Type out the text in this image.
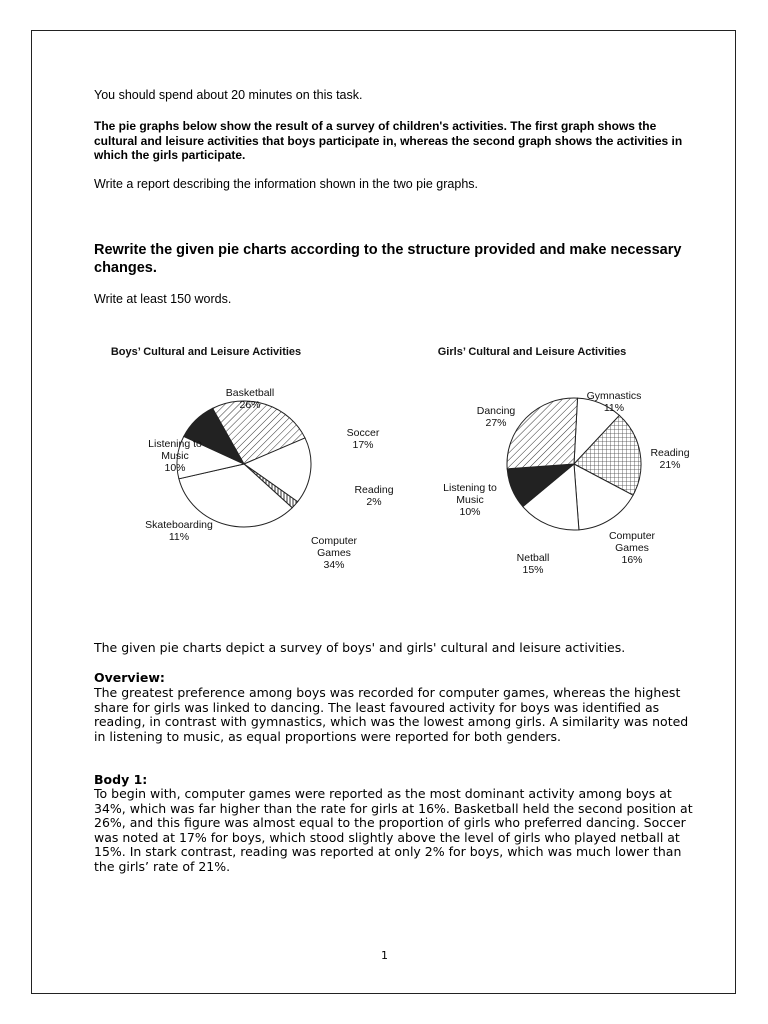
You should spend about 20 minutes on this task.
The pie graphs below show the result of a survey of children's activities. The first graph shows the cultural and leisure activities that boys participate in, whereas the second graph shows the activities in which the girls participate.
Write a report describing the information shown in the two pie graphs.
Rewrite the given pie charts according to the structure provided and make necessary changes.
Write at least 150 words.
Boys’ Cultural and Leisure Activities
Basketball 26%
Soccer 17%
Reading 2%
Computer Games 34%
Skateboarding 11%
Listening to Music 10%
Girls’ Cultural and Leisure Activities
Gymnastics 11%
Reading 21%
Computer Games 16%
Netball 15%
Listening to Music 10%
Dancing 27%
The given pie charts depict a survey of boys' and girls' cultural and leisure activities.
Overview:
The greatest preference among boys was recorded for computer games, whereas the highest share for girls was linked to dancing. The least favoured activity for boys was identified as reading, in contrast with gymnastics, which was the lowest among girls. A similarity was noted in listening to music, as equal proportions were reported for both genders.
Body 1:
To begin with, computer games were reported as the most dominant activity among boys at 34%, which was far higher than the rate for girls at 16%. Basketball held the second position at 26%, and this figure was almost equal to the proportion of girls who preferred dancing. Soccer was noted at 17% for boys, which stood slightly above the level of girls who played netball at 15%. In stark contrast, reading was reported at only 2% for boys, which was much lower than the girls’ rate of 21%.
1
